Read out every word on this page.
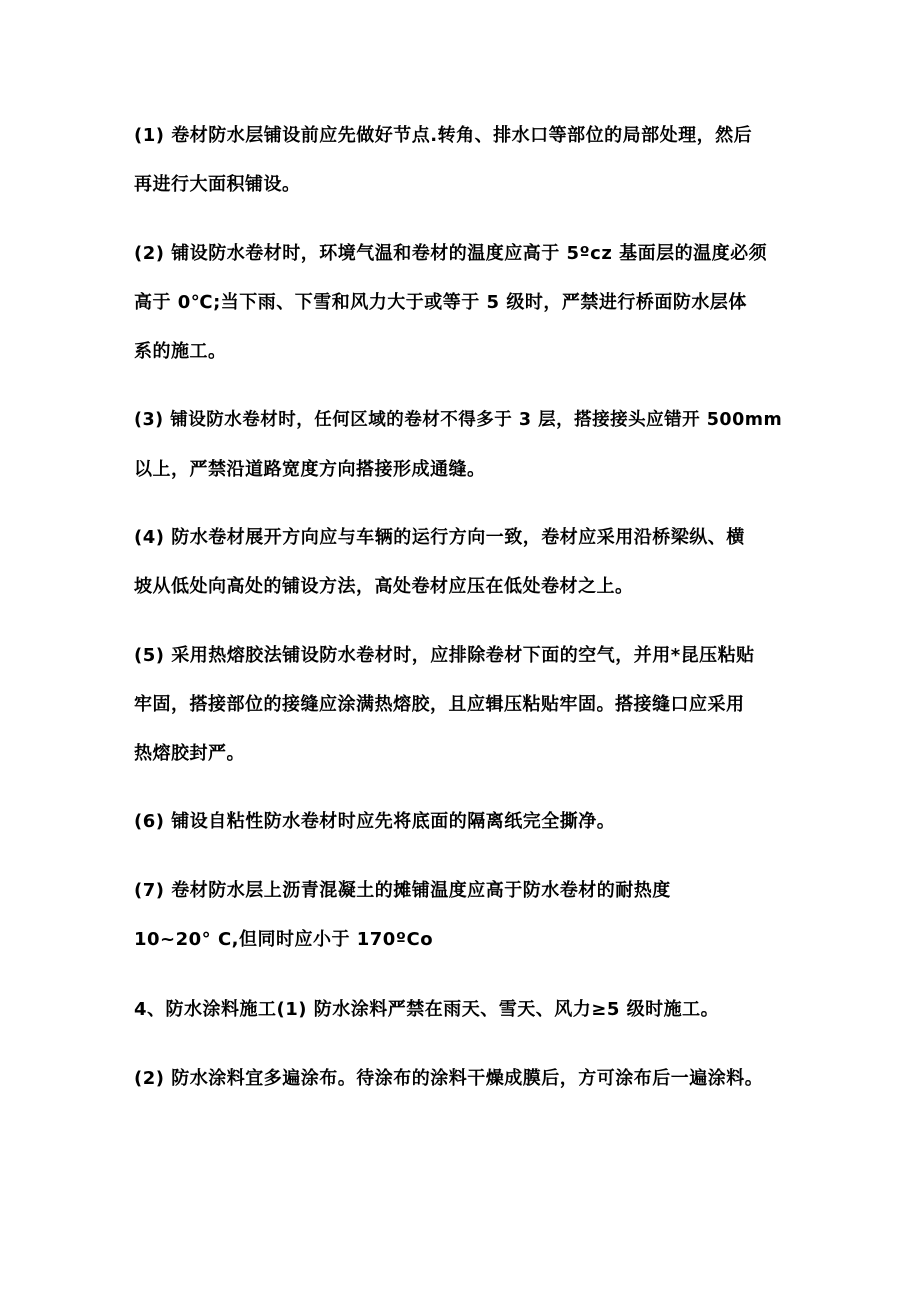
(1) 卷材防水层铺设前应先做好节点.转角、排水口等部位的局部处理，然后
再进行大面积铺设。

(2) 铺设防水卷材时，环境气温和卷材的温度应高于 5ºcz 基面层的温度必须
高于 0℃;当下雨、下雪和风力大于或等于 5 级时，严禁进行桥面防水层体
系的施工。

(3) 铺设防水卷材时，任何区域的卷材不得多于 3 层，搭接接头应错开 500mm
以上，严禁沿道路宽度方向搭接形成通缝。

(4) 防水卷材展开方向应与车辆的运行方向一致，卷材应采用沿桥梁纵、横
坡从低处向高处的铺设方法，高处卷材应压在低处卷材之上。

(5) 采用热熔胶法铺设防水卷材时，应排除卷材下面的空气，并用*昆压粘贴
牢固，搭接部位的接缝应涂满热熔胶，且应辑压粘贴牢固。搭接缝口应采用
热熔胶封严。

(6) 铺设自粘性防水卷材时应先将底面的隔离纸完全撕净。

(7) 卷材防水层上沥青混凝土的摊铺温度应高于防水卷材的耐热度
10~20° C,但同时应小于 170ºCo

4、防水涂料施工(1) 防水涂料严禁在雨天、雪天、风力≥5 级时施工。

(2) 防水涂料宜多遍涂布。待涂布的涂料干燥成膜后，方可涂布后一遍涂料。
